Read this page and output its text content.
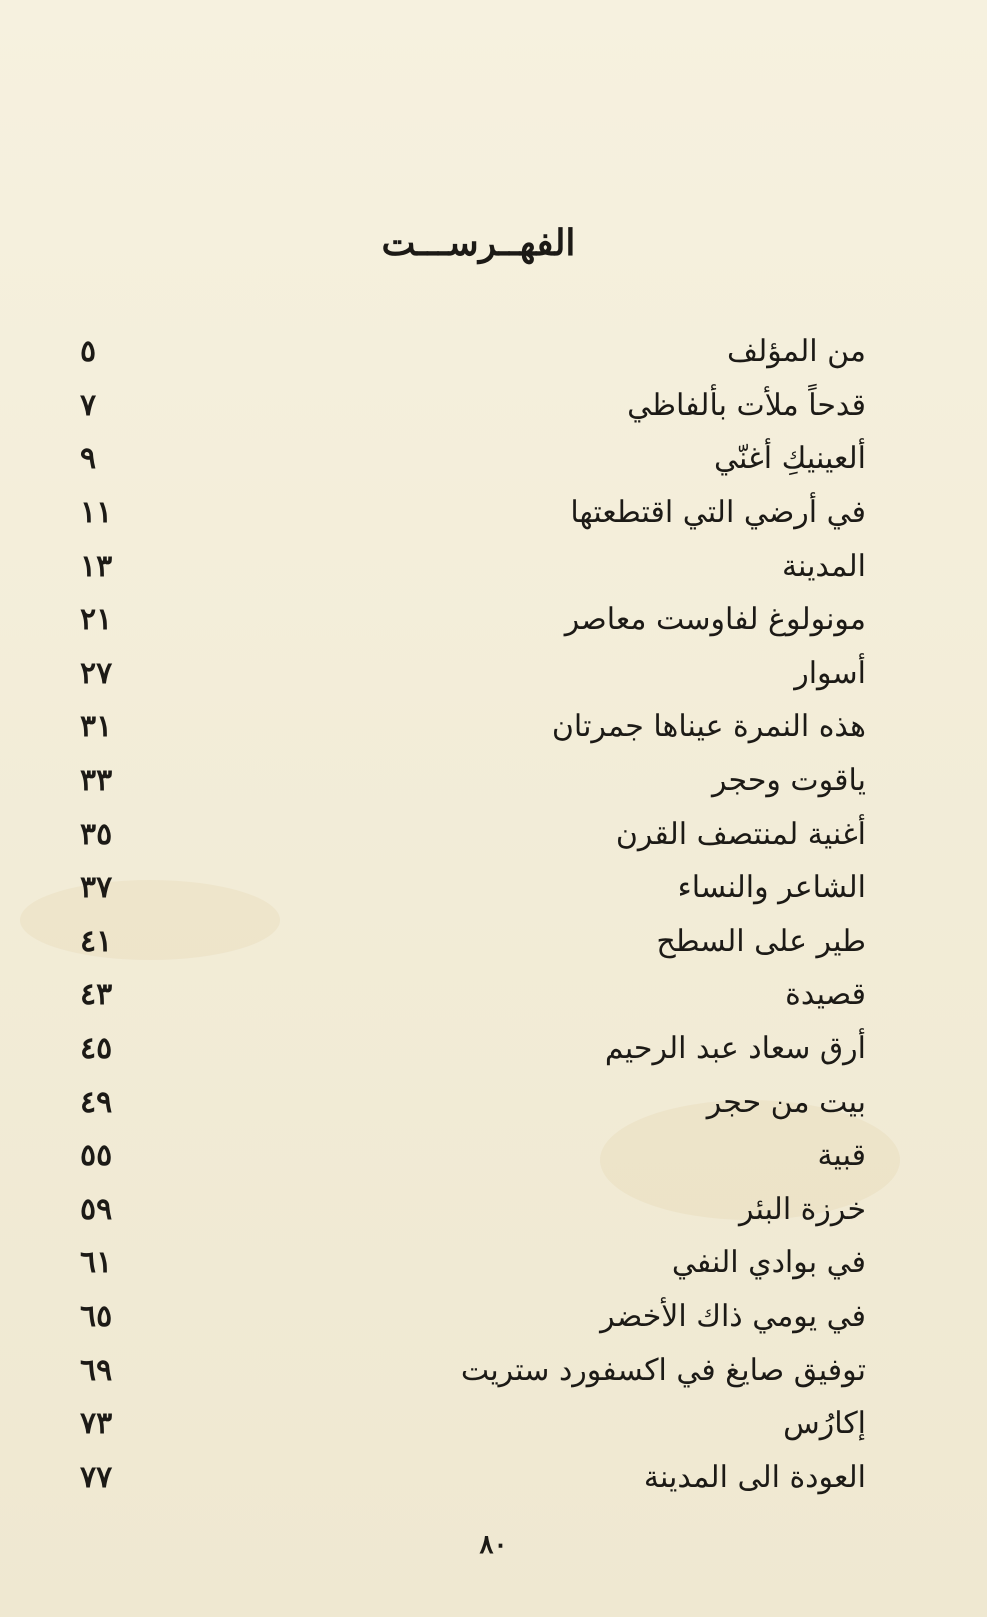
الفهــرســـت
من المؤلف
٥
قدحاً ملأت بألفاظي
٧
ألعينيكِ أغنّي
٩
في أرضي التي اقتطعتها
١١
المدينة
١٣
مونولوغ لفاوست معاصر
٢١
أسوار
٢٧
هذه النمرة عيناها جمرتان
٣١
ياقوت وحجر
٣٣
أغنية لمنتصف القرن
٣٥
الشاعر والنساء
٣٧
طير على السطح
٤١
قصيدة
٤٣
أرق سعاد عبد الرحيم
٤٥
بيت من حجر
٤٩
قبية
٥٥
خرزة البئر
٥٩
في بوادي النفي
٦١
في يومي ذاك الأخضر
٦٥
توفيق صايغ في اكسفورد ستريت
٦٩
إكارُس
٧٣
العودة الى المدينة
٧٧
٨٠
